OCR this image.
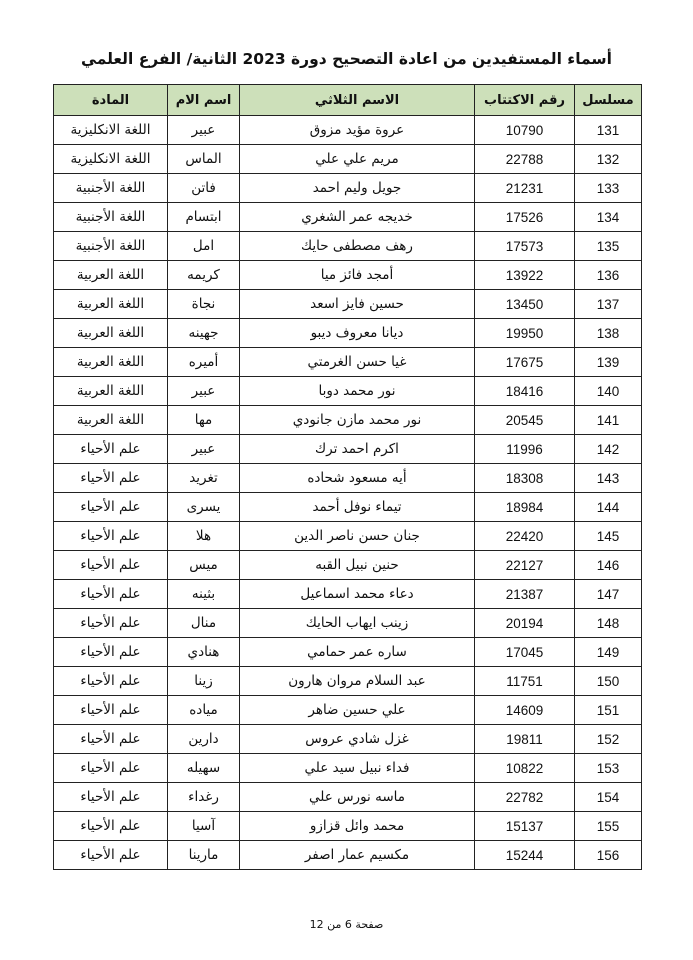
أسماء المستفيدين من اعادة التصحيح دورة 2023 الثانية/ الفرع العلمي
مسلسل	رقم الاكتتاب	الاسم الثلاثي	اسم الام	المادة
131	10790	عروة مؤيد مزوق	عبير	اللغة الانكليزية
132	22788	مريم علي علي	الماس	اللغة الانكليزية
133	21231	جويل وليم احمد	فاتن	اللغة الأجنبية
134	17526	خديجه عمر الشغري	ابتسام	اللغة الأجنبية
135	17573	رهف مصطفى حايك	امل	اللغة الأجنبية
136	13922	أمجد فائز ميا	كريمه	اللغة العربية
137	13450	حسين فايز اسعد	نجاة	اللغة العربية
138	19950	ديانا معروف ديبو	جهينه	اللغة العربية
139	17675	غيا حسن الغرمتي	أميره	اللغة العربية
140	18416	نور محمد دوبا	عبير	اللغة العربية
141	20545	نور محمد مازن جانودي	مها	اللغة العربية
142	11996	اكرم احمد ترك	عبير	علم الأحياء
143	18308	أيه مسعود شحاده	تغريد	علم الأحياء
144	18984	تيماء نوفل أحمد	يسرى	علم الأحياء
145	22420	جنان حسن ناصر الدين	هلا	علم الأحياء
146	22127	حنين نبيل القبه	ميس	علم الأحياء
147	21387	دعاء محمد اسماعيل	بثينه	علم الأحياء
148	20194	زينب ايهاب الحايك	منال	علم الأحياء
149	17045	ساره عمر حمامي	هنادي	علم الأحياء
150	11751	عبد السلام مروان هارون	زينا	علم الأحياء
151	14609	علي حسين ضاهر	مياده	علم الأحياء
152	19811	غزل شادي عروس	دارين	علم الأحياء
153	10822	فداء نبيل سيد علي	سهيله	علم الأحياء
154	22782	ماسه نورس علي	رغداء	علم الأحياء
155	15137	محمد وائل قزازو	آسيا	علم الأحياء
156	15244	مكسيم عمار اصفر	مارينا	علم الأحياء
صفحة 6 من 12
